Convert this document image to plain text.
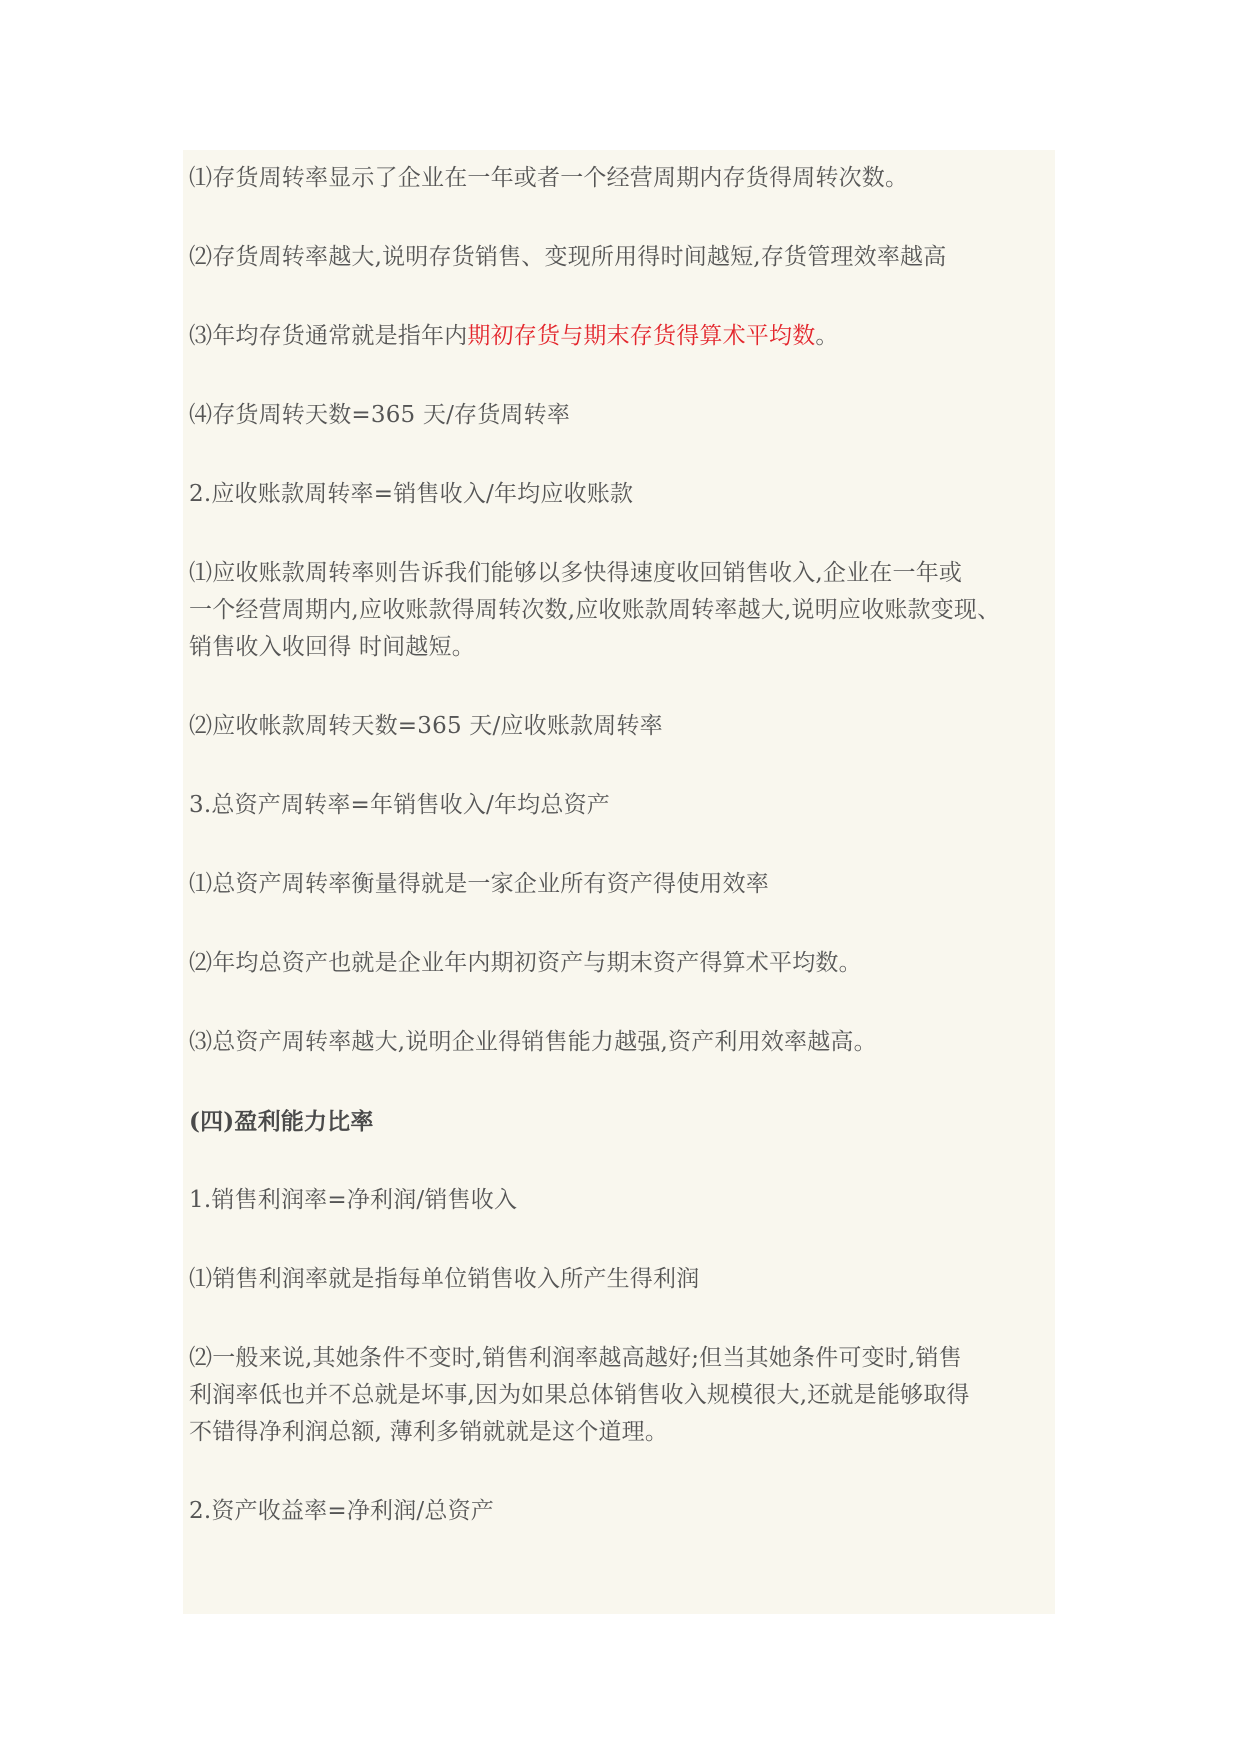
⑴存货周转率显示了企业在一年或者一个经营周期内存货得周转次数。

⑵存货周转率越大,说明存货销售、变现所用得时间越短,存货管理效率越高

⑶年均存货通常就是指年内期初存货与期末存货得算术平均数。

⑷存货周转天数=365 天/存货周转率

2.应收账款周转率=销售收入/年均应收账款

⑴应收账款周转率则告诉我们能够以多快得速度收回销售收入,企业在一年或
一个经营周期内,应收账款得周转次数,应收账款周转率越大,说明应收账款变现、
销售收入收回得 时间越短。

⑵应收帐款周转天数=365 天/应收账款周转率

3.总资产周转率=年销售收入/年均总资产

⑴总资产周转率衡量得就是一家企业所有资产得使用效率

⑵年均总资产也就是企业年内期初资产与期末资产得算术平均数。

⑶总资产周转率越大,说明企业得销售能力越强,资产利用效率越高。

(四)盈利能力比率

1.销售利润率=净利润/销售收入

⑴销售利润率就是指每单位销售收入所产生得利润

⑵一般来说,其她条件不变时,销售利润率越高越好;但当其她条件可变时,销售
利润率低也并不总就是坏事,因为如果总体销售收入规模很大,还就是能够取得
不错得净利润总额, 薄利多销就就是这个道理。

2.资产收益率=净利润/总资产
